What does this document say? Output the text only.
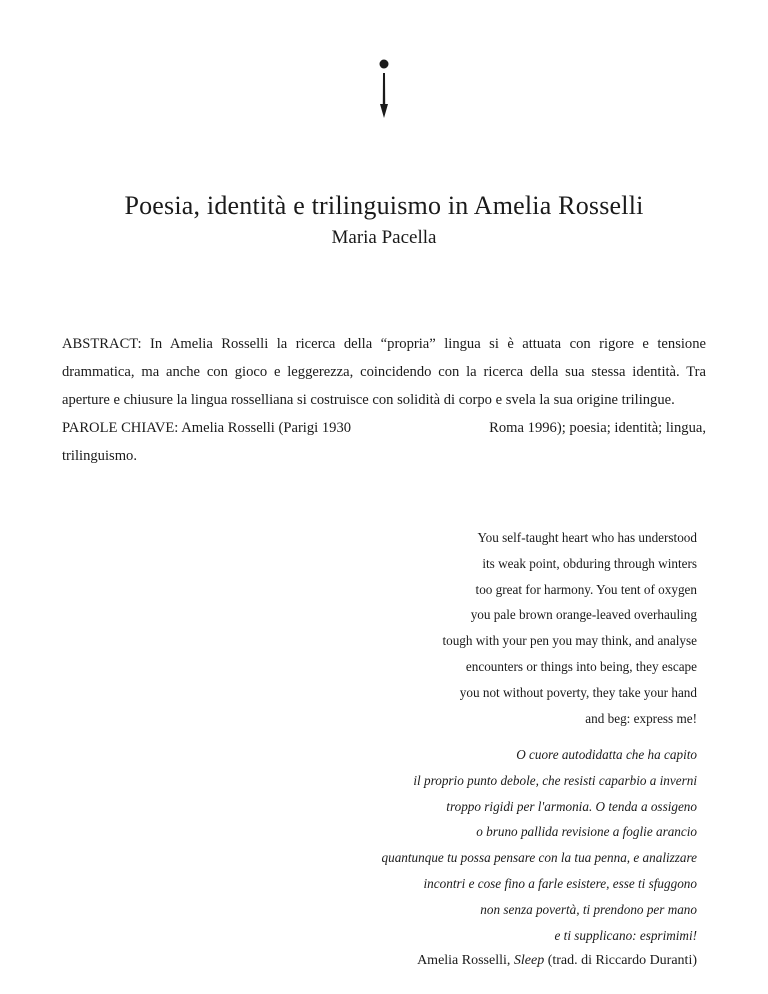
Poesia, identità e trilinguismo in Amelia Rosselli
Maria Pacella

ABSTRACT: In Amelia Rosselli la ricerca della “propria” lingua si è attuata con rigore e tensione drammatica, ma anche con gioco e leggerezza, coincidendo con la ricerca della sua stessa identità. Tra aperture e chiusure la lingua rosselliana si costruisce con solidità di corpo e svela la sua origine trilingue.

PAROLE CHIAVE: Amelia Rosselli (Parigi 1930	Roma 1996); poesia; identità; lingua,

trilinguismo.

You self-taught heart who has understood
its weak point, obduring through winters
too great for harmony. You tent of oxygen
you pale brown orange-leaved overhauling
tough with your pen you may think, and analyse
encounters or things into being, they escape
you not without poverty, they take your hand
and beg: express me!
O cuore autodidatta che ha capito
il proprio punto debole, che resisti caparbio a inverni
troppo rigidi per l'armonia. O tenda a ossigeno
o bruno pallida revisione a foglie arancio
quantunque tu possa pensare con la tua penna, e analizzare
incontri e cose fino a farle esistere, esse ti sfuggono
non senza povertà, ti prendono per mano
e ti supplicano: esprimimi!
Amelia Rosselli, Sleep (trad. di Riccardo Duranti)
